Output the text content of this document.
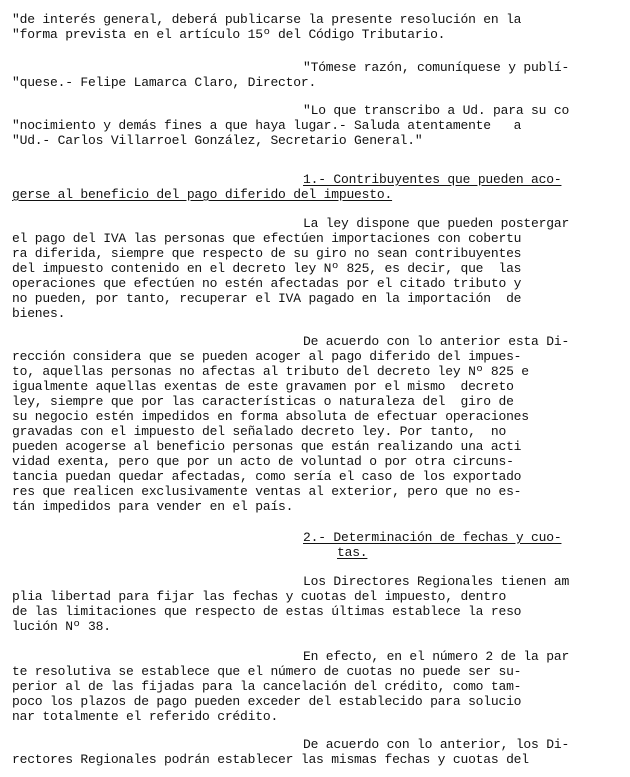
"de interés general, deberá publicarse la presente resolución en la
"forma prevista en el artículo 15º del Código Tributario.
"Tómese razón, comuníquese y publí-
"quese.- Felipe Lamarca Claro, Director.
"Lo que transcribo a Ud. para su co
"nocimiento y demás fines a que haya lugar.- Saluda atentamente   a
"Ud.- Carlos Villarroel González, Secretario General."
1.- Contribuyentes que pueden aco-
gerse al beneficio del pago diferido del impuesto.
La ley dispone que pueden postergar
el pago del IVA las personas que efectúen importaciones con cobertu
ra diferida, siempre que respecto de su giro no sean contribuyentes
del impuesto contenido en el decreto ley Nº 825, es decir, que  las
operaciones que efectúen no estén afectadas por el citado tributo y
no pueden, por tanto, recuperar el IVA pagado en la importación  de
bienes.
De acuerdo con lo anterior esta Di-
rección considera que se pueden acoger al pago diferido del impues-
to, aquellas personas no afectas al tributo del decreto ley Nº 825 e
igualmente aquellas exentas de este gravamen por el mismo  decreto
ley, siempre que por las características o naturaleza del  giro de
su negocio estén impedidos en forma absoluta de efectuar operaciones
gravadas con el impuesto del señalado decreto ley. Por tanto,  no
pueden acogerse al beneficio personas que están realizando una acti
vidad exenta, pero que por un acto de voluntad o por otra circuns-
tancia puedan quedar afectadas, como sería el caso de los exportado
res que realicen exclusivamente ventas al exterior, pero que no es-
tán impedidos para vender en el país.
2.- Determinación de fechas y cuo-
tas.
Los Directores Regionales tienen am
plia libertad para fijar las fechas y cuotas del impuesto, dentro
de las limitaciones que respecto de estas últimas establece la reso
lución Nº 38.
En efecto, en el número 2 de la par
te resolutiva se establece que el número de cuotas no puede ser su-
perior al de las fijadas para la cancelación del crédito, como tam-
poco los plazos de pago pueden exceder del establecido para solucio
nar totalmente el referido crédito.
De acuerdo con lo anterior, los Di-
rectores Regionales podrán establecer las mismas fechas y cuotas del
